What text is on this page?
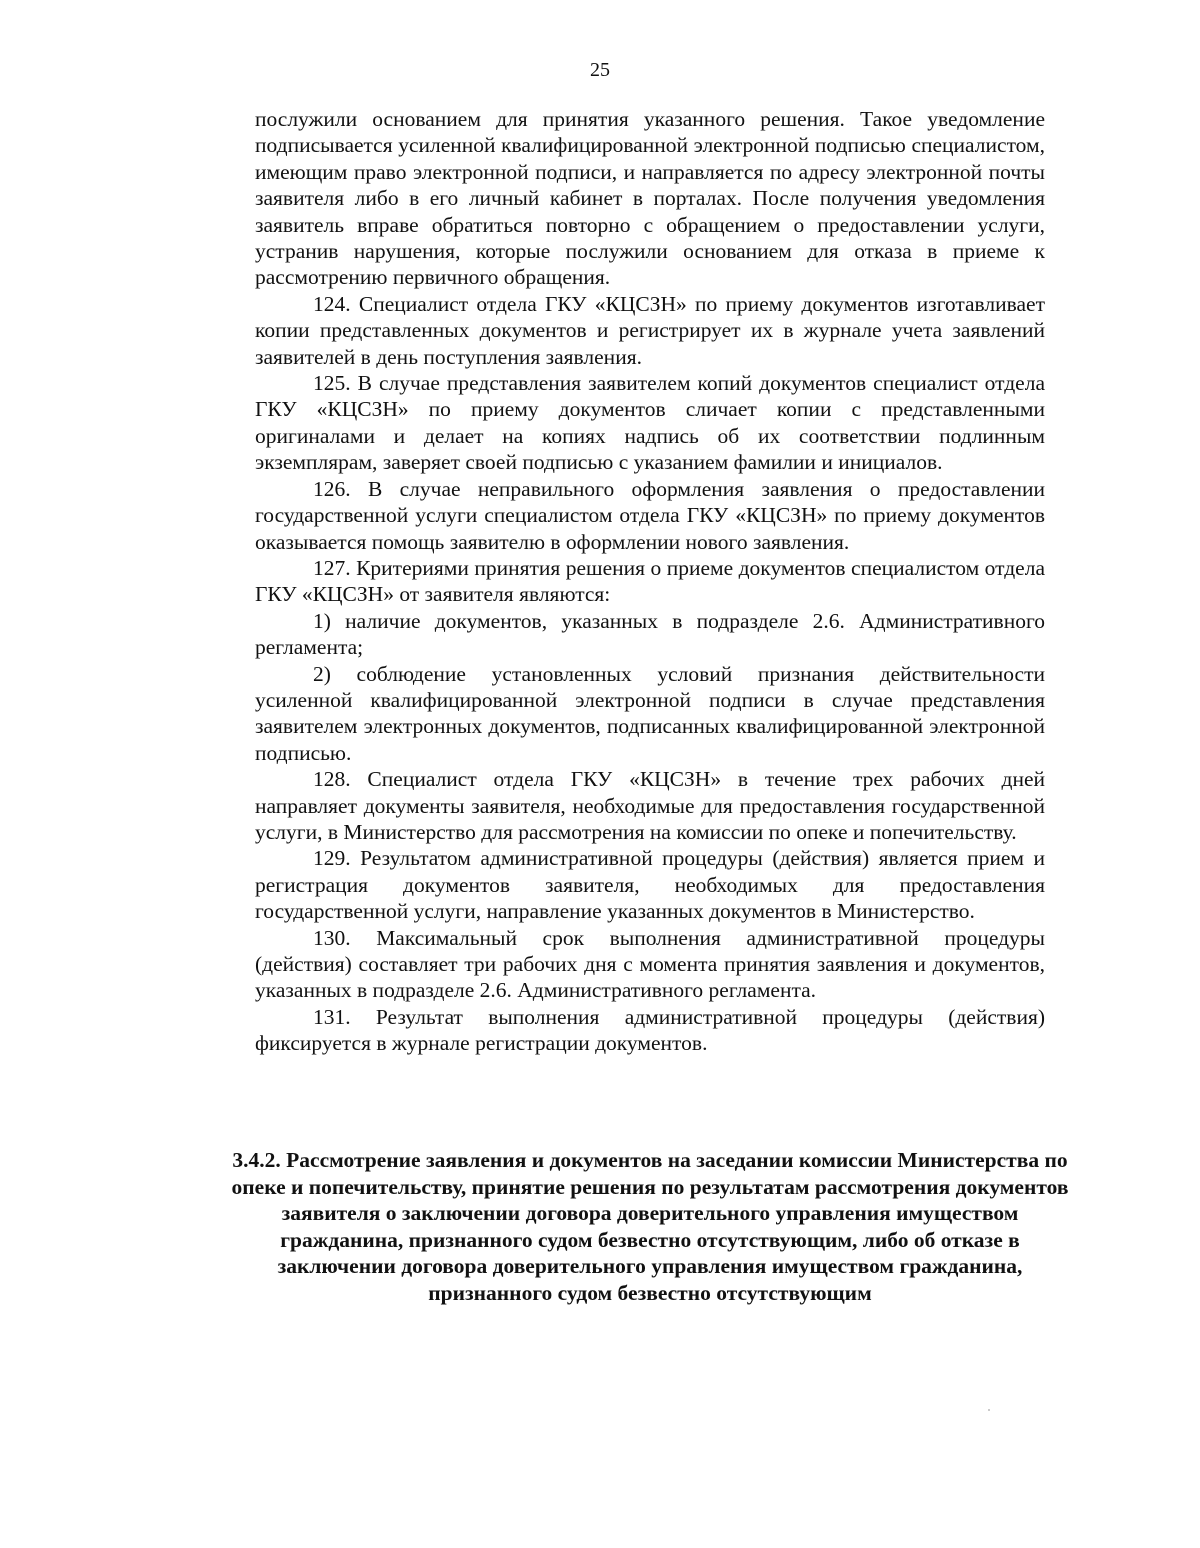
25

послужили основанием для принятия указанного решения. Такое уведомление подписывается усиленной квалифицированной электронной подписью специалистом, имеющим право электронной подписи, и направляется по адресу электронной почты заявителя либо в его личный кабинет в порталах. После получения уведомления заявитель вправе обратиться повторно с обращением о предоставлении услуги, устранив нарушения, которые послужили основанием для отказа в приеме к рассмотрению первичного обращения.

124. Специалист отдела ГКУ «КЦСЗН» по приему документов изготавливает копии представленных документов и регистрирует их в журнале учета заявлений заявителей в день поступления заявления.

125. В случае представления заявителем копий документов специалист отдела ГКУ «КЦСЗН» по приему документов сличает копии с представленными оригиналами и делает на копиях надпись об их соответствии подлинным экземплярам, заверяет своей подписью с указанием фамилии и инициалов.

126. В случае неправильного оформления заявления о предоставлении государственной услуги специалистом отдела ГКУ «КЦСЗН» по приему документов оказывается помощь заявителю в оформлении нового заявления.

127. Критериями принятия решения о приеме документов специалистом отдела ГКУ «КЦСЗН» от заявителя являются:

1) наличие документов, указанных в подразделе 2.6. Административного регламента;

2) соблюдение установленных условий признания действительности усиленной квалифицированной электронной подписи в случае представления заявителем электронных документов, подписанных квалифицированной электронной подписью.

128. Специалист отдела ГКУ «КЦСЗН» в течение трех рабочих дней направляет документы заявителя, необходимые для предоставления государственной услуги, в Министерство для рассмотрения на комиссии по опеке и попечительству.

129. Результатом административной процедуры (действия) является прием и регистрация документов заявителя, необходимых для предоставления государственной услуги, направление указанных документов в Министерство.

130. Максимальный срок выполнения административной процедуры (действия) составляет три рабочих дня с момента принятия заявления и документов, указанных в подразделе 2.6. Административного регламента.

131. Результат выполнения административной процедуры (действия) фиксируется в журнале регистрации документов.

3.4.2. Рассмотрение заявления и документов на заседании комиссии Министерства по опеке и попечительству, принятие решения по результатам рассмотрения документов заявителя о заключении договора доверительного управления имуществом гражданина, признанного судом безвестно отсутствующим, либо об отказе в заключении договора доверительного управления имуществом гражданина, признанного судом безвестно отсутствующим
